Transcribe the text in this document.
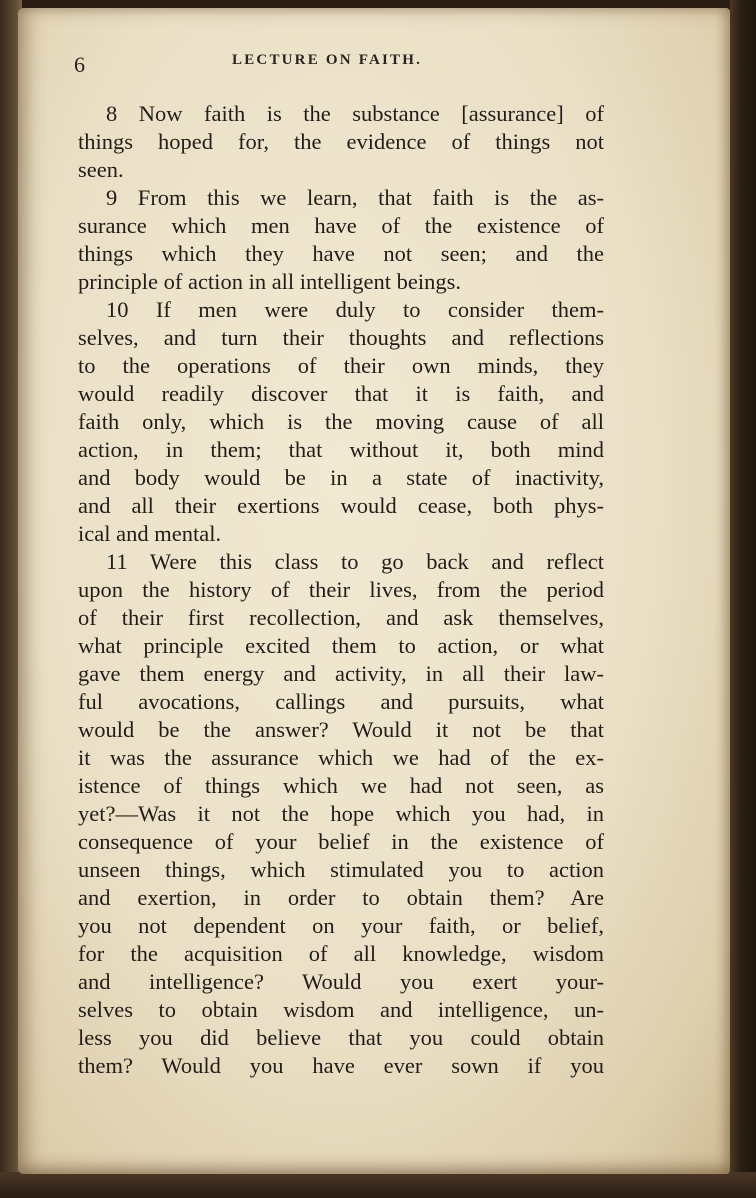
6	LECTURE ON FAITH.
8 Now faith is the substance [assurance] of
things hoped for, the evidence of things not
seen.
9 From this we learn, that faith is the as-
surance which men have of the existence of
things which they have not seen; and the
principle of action in all intelligent beings.
10 If men were duly to consider them-
selves, and turn their thoughts and reflections
to the operations of their own minds, they
would readily discover that it is faith, and
faith only, which is the moving cause of all
action, in them; that without it, both mind
and body would be in a state of inactivity,
and all their exertions would cease, both phys-
ical and mental.
11 Were this class to go back and reflect
upon the history of their lives, from the period
of their first recollection, and ask themselves,
what principle excited them to action, or what
gave them energy and activity, in all their law-
ful avocations, callings and pursuits, what
would be the answer? Would it not be that
it was the assurance which we had of the ex-
istence of things which we had not seen, as
yet?—Was it not the hope which you had, in
consequence of your belief in the existence of
unseen things, which stimulated you to action
and exertion, in order to obtain them? Are
you not dependent on your faith, or belief,
for the acquisition of all knowledge, wisdom
and intelligence? Would you exert your-
selves to obtain wisdom and intelligence, un-
less you did believe that you could obtain
them? Would you have ever sown if you
